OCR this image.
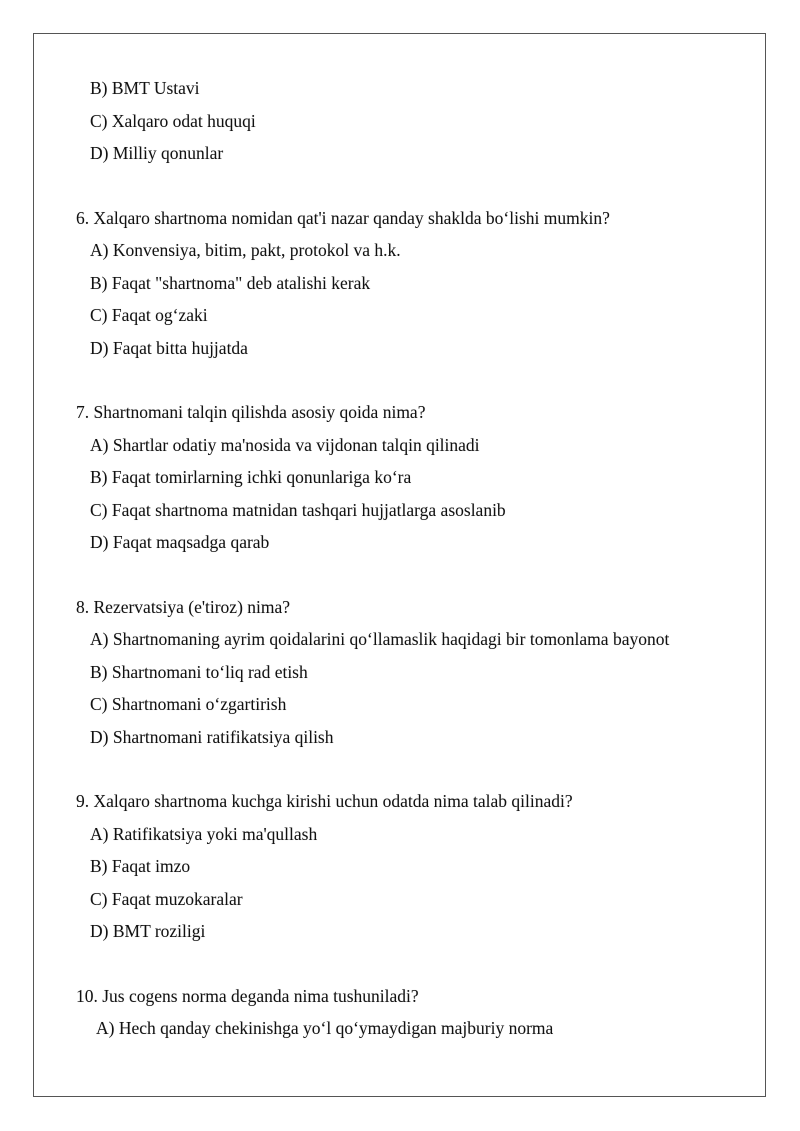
B) BMT Ustavi
C) Xalqaro odat huquqi
D) Milliy qonunlar
6. Xalqaro shartnoma nomidan qat'i nazar qanday shaklda bo‘lishi mumkin?
A) Konvensiya, bitim, pakt, protokol va h.k.
B) Faqat "shartnoma" deb atalishi kerak
C) Faqat og‘zaki
D) Faqat bitta hujjatda
7. Shartnomani talqin qilishda asosiy qoida nima?
A) Shartlar odatiy ma'nosida va vijdonan talqin qilinadi
B) Faqat tomirlarning ichki qonunlariga ko‘ra
C) Faqat shartnoma matnidan tashqari hujjatlarga asoslanib
D) Faqat maqsadga qarab
8. Rezervatsiya (e'tiroz) nima?
A) Shartnomaning ayrim qoidalarini qo‘llamaslik haqidagi bir tomonlama bayonot
B) Shartnomani to‘liq rad etish
C) Shartnomani o‘zgartirish
D) Shartnomani ratifikatsiya qilish
9. Xalqaro shartnoma kuchga kirishi uchun odatda nima talab qilinadi?
A) Ratifikatsiya yoki ma'qullash
B) Faqat imzo
C) Faqat muzokaralar
D) BMT roziligi
10. Jus cogens norma deganda nima tushuniladi?
A) Hech qanday chekinishga yo‘l qo‘ymaydigan majburiy norma
